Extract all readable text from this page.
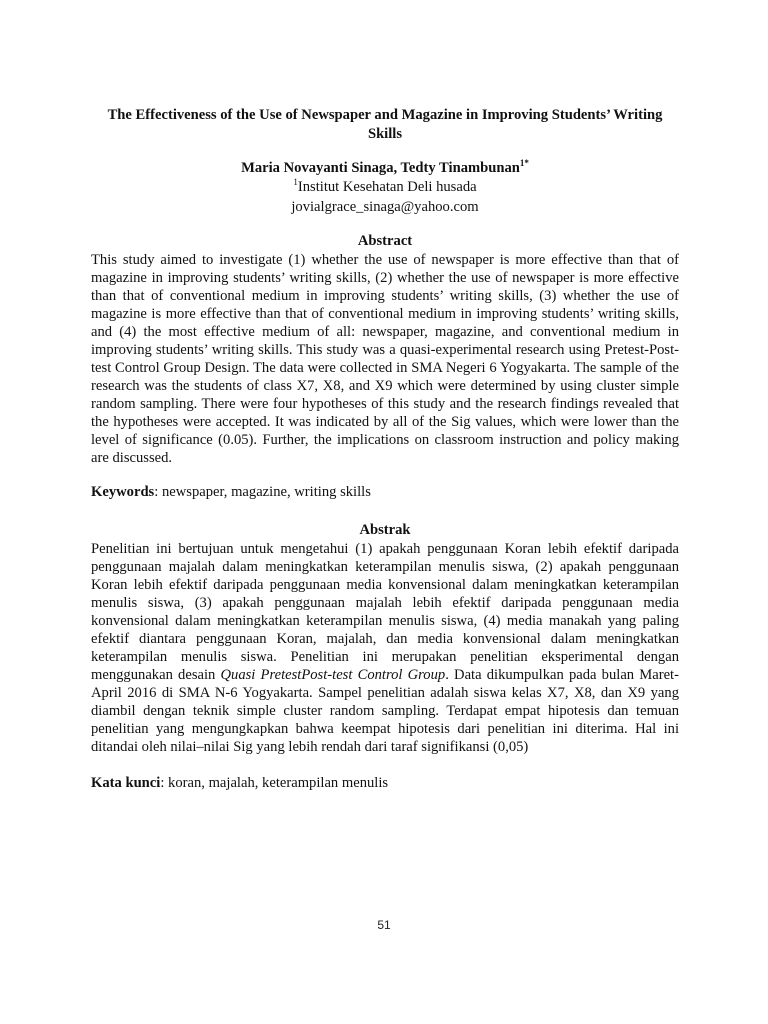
The Effectiveness of the Use of Newspaper and Magazine in Improving Students’ Writing Skills
Maria Novayanti Sinaga, Tedty Tinambunan$^{1*}$
$^1$Institut Kesehatan Deli husada
jovialgrace_sinaga@yahoo.com
Abstract

This study aimed to investigate (1) whether the use of newspaper is more effective than that of magazine in improving students’ writing skills, (2) whether the use of newspaper is more effective than that of conventional medium in improving students’ writing skills, (3) whether the use of magazine is more effective than that of conventional medium in improving students’ writing skills, and (4) the most effective medium of all: newspaper, magazine, and conventional medium in improving students’ writing skills. This study was a quasi-experimental research using Pretest-Post-test Control Group Design. The data were collected in SMA Negeri 6 Yogyakarta. The sample of the research was the students of class X7, X8, and X9 which were determined by using cluster simple random sampling. There were four hypotheses of this study and the research findings revealed that the hypotheses were accepted. It was indicated by all of the Sig values, which were lower than the level of significance (0.05). Further, the implications on classroom instruction and policy making are discussed.

Keywords: newspaper, magazine, writing skills
Abstrak

Penelitian ini bertujuan untuk mengetahui (1) apakah penggunaan Koran lebih efektif daripada penggunaan majalah dalam meningkatkan keterampilan menulis siswa, (2) apakah penggunaan Koran lebih efektif daripada penggunaan media konvensional dalam meningkatkan keterampilan menulis siswa, (3) apakah penggunaan majalah lebih efektif daripada penggunaan media konvensional dalam meningkatkan keterampilan menulis siswa, (4) media manakah yang paling efektif diantara penggunaan Koran, majalah, dan media konvensional dalam meningkatkan keterampilan menulis siswa. Penelitian ini merupakan penelitian eksperimental dengan menggunakan desain Quasi PretestPost-test Control Group. Data dikumpulkan pada bulan Maret-April 2016 di SMA N-6 Yogyakarta. Sampel penelitian adalah siswa kelas X7, X8, dan X9 yang diambil dengan teknik simple cluster random sampling. Terdapat empat hipotesis dan temuan penelitian yang mengungkapkan bahwa keempat hipotesis dari penelitian ini diterima. Hal ini ditandai oleh nilai–nilai Sig yang lebih rendah dari taraf signifikansi (0,05)

Kata kunci: koran, majalah, keterampilan menulis
51
